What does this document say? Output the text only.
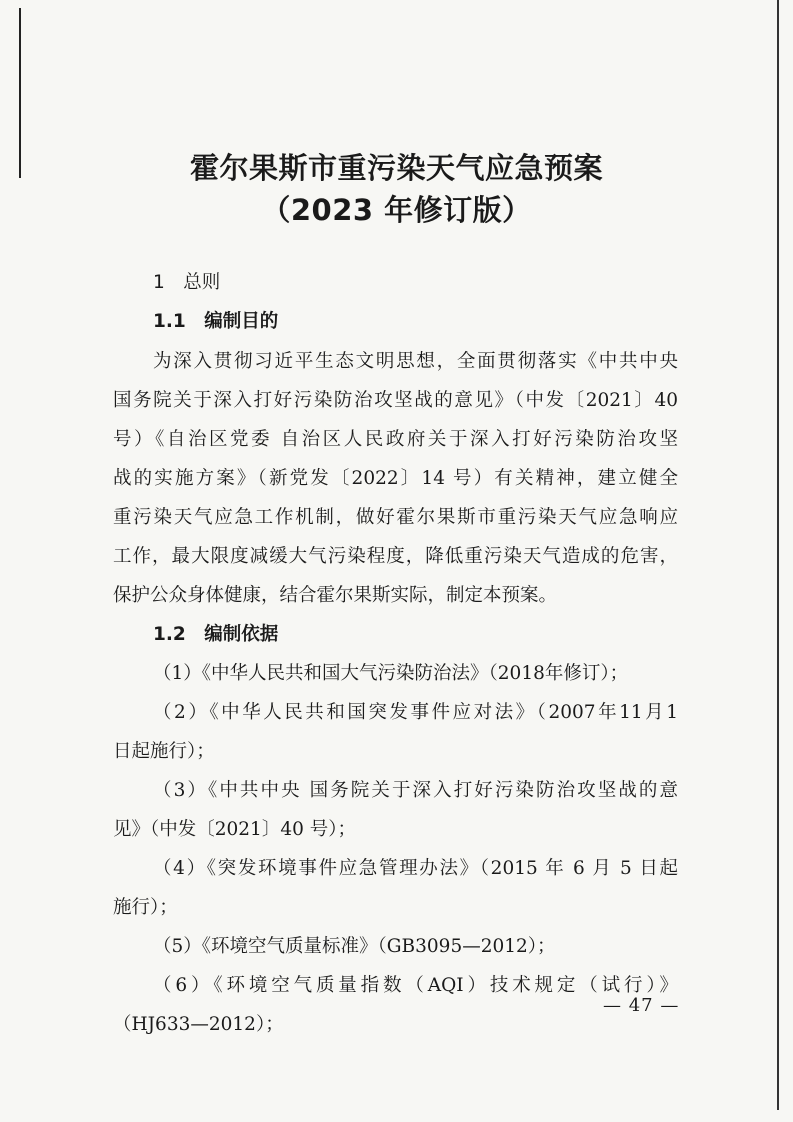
霍尔果斯市重污染天气应急预案
（2023 年修订版）

1　总则

1.1　编制目的

为深入贯彻习近平生态文明思想，全面贯彻落实《中共中央

国务院关于深入打好污染防治攻坚战的意见》（中发〔2021〕40

号）《自治区党委 自治区人民政府关于深入打好污染防治攻坚

战的实施方案》（新党发〔2022〕14 号）有关精神，建立健全

重污染天气应急工作机制，做好霍尔果斯市重污染天气应急响应

工作，最大限度减缓大气污染程度，降低重污染天气造成的危害，

保护公众身体健康，结合霍尔果斯实际，制定本预案。

1.2　编制依据

（1）《中华人民共和国大气污染防治法》（2018年修订）；

（2）《中华人民共和国突发事件应对法》（2007年11月1

日起施行）；

（3）《中共中央 国务院关于深入打好污染防治攻坚战的意

见》（中发〔2021〕40 号）；

（4）《突发环境事件应急管理办法》（2015 年 6 月 5 日起

施行）；

（5）《环境空气质量标准》（GB3095—2012）；

（6）《环境空气质量指数（AQI）技术规定（试行）》

（HJ633—2012）；

— 47 —
